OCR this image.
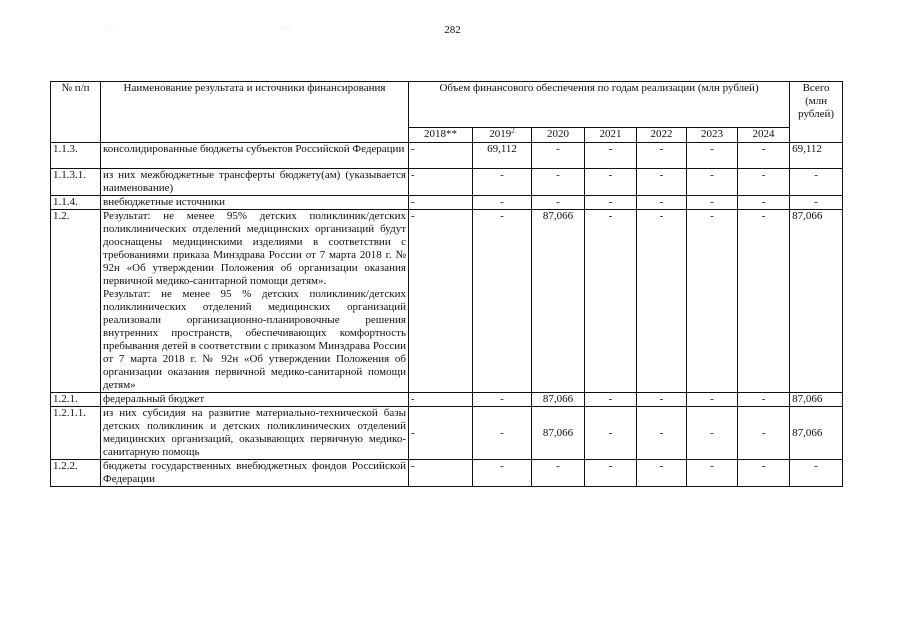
282
·˙·	˙˙˙
№ п/п	Наименование результата и источники финансирования	Объем финансового обеспечения по годам реализации (млн рублей)							Всего (млн рублей)
		2018**	2019$^2$	2020	2021	2022	2023	2024	
1.1.3.	консолидированные бюджеты субъектов Российской Федерации	-	69,112	-	-	-	-	-	69,112
1.1.3.1.	из них межбюджетные трансферты бюджету(ам) (указывается наименование)	-	-	-	-	-	-	-	-
1.1.4.	внебюджетные источники	-	-	-	-	-	-	-	-
1.2.	Результат: не менее 95% детских поликлиник/детских поликлинических отделений медицинских организаций будут дооснащены медицинскими изделиями в соответствии с требованиями приказа Минздрава России от 7 марта 2018 г. № 92н «Об утверждении Положения об организации оказания первичной медико-санитарной помощи детям».
Результат: не менее 95 % детских поликлиник/детских поликлинических отделений медицинских организаций реализовали организационно-планировочные решения внутренних пространств, обеспечивающих комфортность пребывания детей в соответствии с приказом Минздрава России от 7 марта 2018 г. № 92н «Об утверждении Положения об организации оказания первичной медико-санитарной помощи детям»	-	-	87,066	-	-	-	-	87,066
1.2.1.	федеральный бюджет	-	-	87,066	-	-	-	-	87,066
1.2.1.1.	из них субсидия на развитие материально-технической базы детских поликлиник и детских поликлинических отделений медицинских организаций, оказывающих первичную медико-санитарную помощь	-	-	87,066	-	-	-	-	87,066
1.2.2.	бюджеты государственных внебюджетных фондов Российской Федерации	-	-	-	-	-	-	-	-
